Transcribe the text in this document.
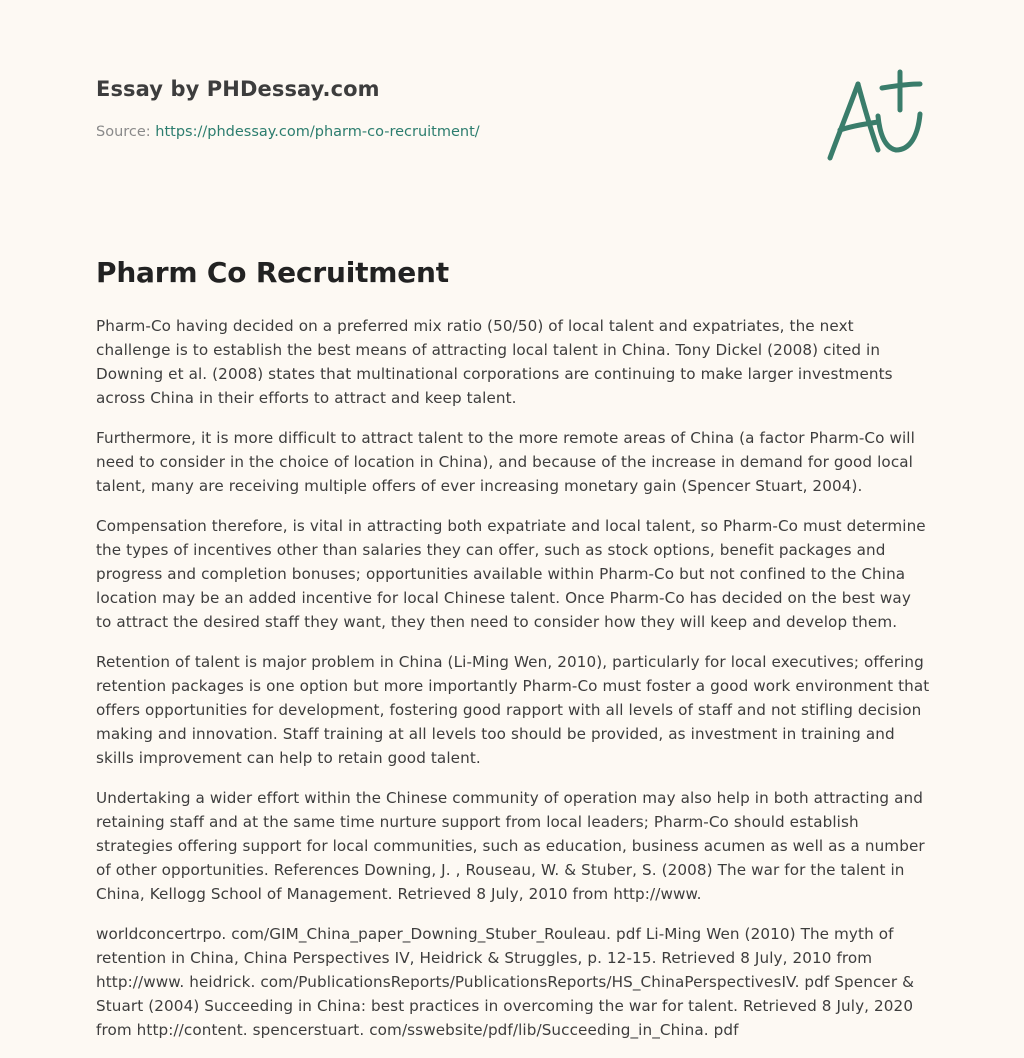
Essay by PHDessay.com
Source: https://phdessay.com/pharm-co-recruitment/
Pharm Co Recruitment

Pharm-Co having decided on a preferred mix ratio (50/50) of local talent and expatriates, the next challenge is to establish the best means of attracting local talent in China. Tony Dickel (2008) cited in Downing et al. (2008) states that multinational corporations are continuing to make larger investments across China in their efforts to attract and keep talent.

Furthermore, it is more difficult to attract talent to the more remote areas of China (a factor Pharm-Co will need to consider in the choice of location in China), and because of the increase in demand for good local talent, many are receiving multiple offers of ever increasing monetary gain (Spencer Stuart, 2004).

Compensation therefore, is vital in attracting both expatriate and local talent, so Pharm-Co must determine the types of incentives other than salaries they can offer, such as stock options, benefit packages and progress and completion bonuses; opportunities available within Pharm-Co but not confined to the China location may be an added incentive for local Chinese talent. Once Pharm-Co has decided on the best way to attract the desired staff they want, they then need to consider how they will keep and develop them.

Retention of talent is major problem in China (Li-Ming Wen, 2010), particularly for local executives; offering retention packages is one option but more importantly Pharm-Co must foster a good work environment that offers opportunities for development, fostering good rapport with all levels of staff and not stifling decision making and innovation. Staff training at all levels too should be provided, as investment in training and skills improvement can help to retain good talent.

Undertaking a wider effort within the Chinese community of operation may also help in both attracting and retaining staff and at the same time nurture support from local leaders; Pharm-Co should establish strategies offering support for local communities, such as education, business acumen as well as a number of other opportunities. References Downing, J. , Rouseau, W. & Stuber, S. (2008) The war for the talent in China, Kellogg School of Management. Retrieved 8 July, 2010 from http://www.

worldconcertrpo. com/GIM_China_paper_Downing_Stuber_Rouleau. pdf Li-Ming Wen (2010) The myth of retention in China, China Perspectives IV, Heidrick & Struggles, p. 12-15. Retrieved 8 July, 2010 from http://www. heidrick. com/PublicationsReports/PublicationsReports/HS_ChinaPerspectivesIV. pdf Spencer & Stuart (2004) Succeeding in China: best practices in overcoming the war for talent. Retrieved 8 July, 2020 from http://content. spencerstuart. com/sswebsite/pdf/lib/Succeeding_in_China. pdf
